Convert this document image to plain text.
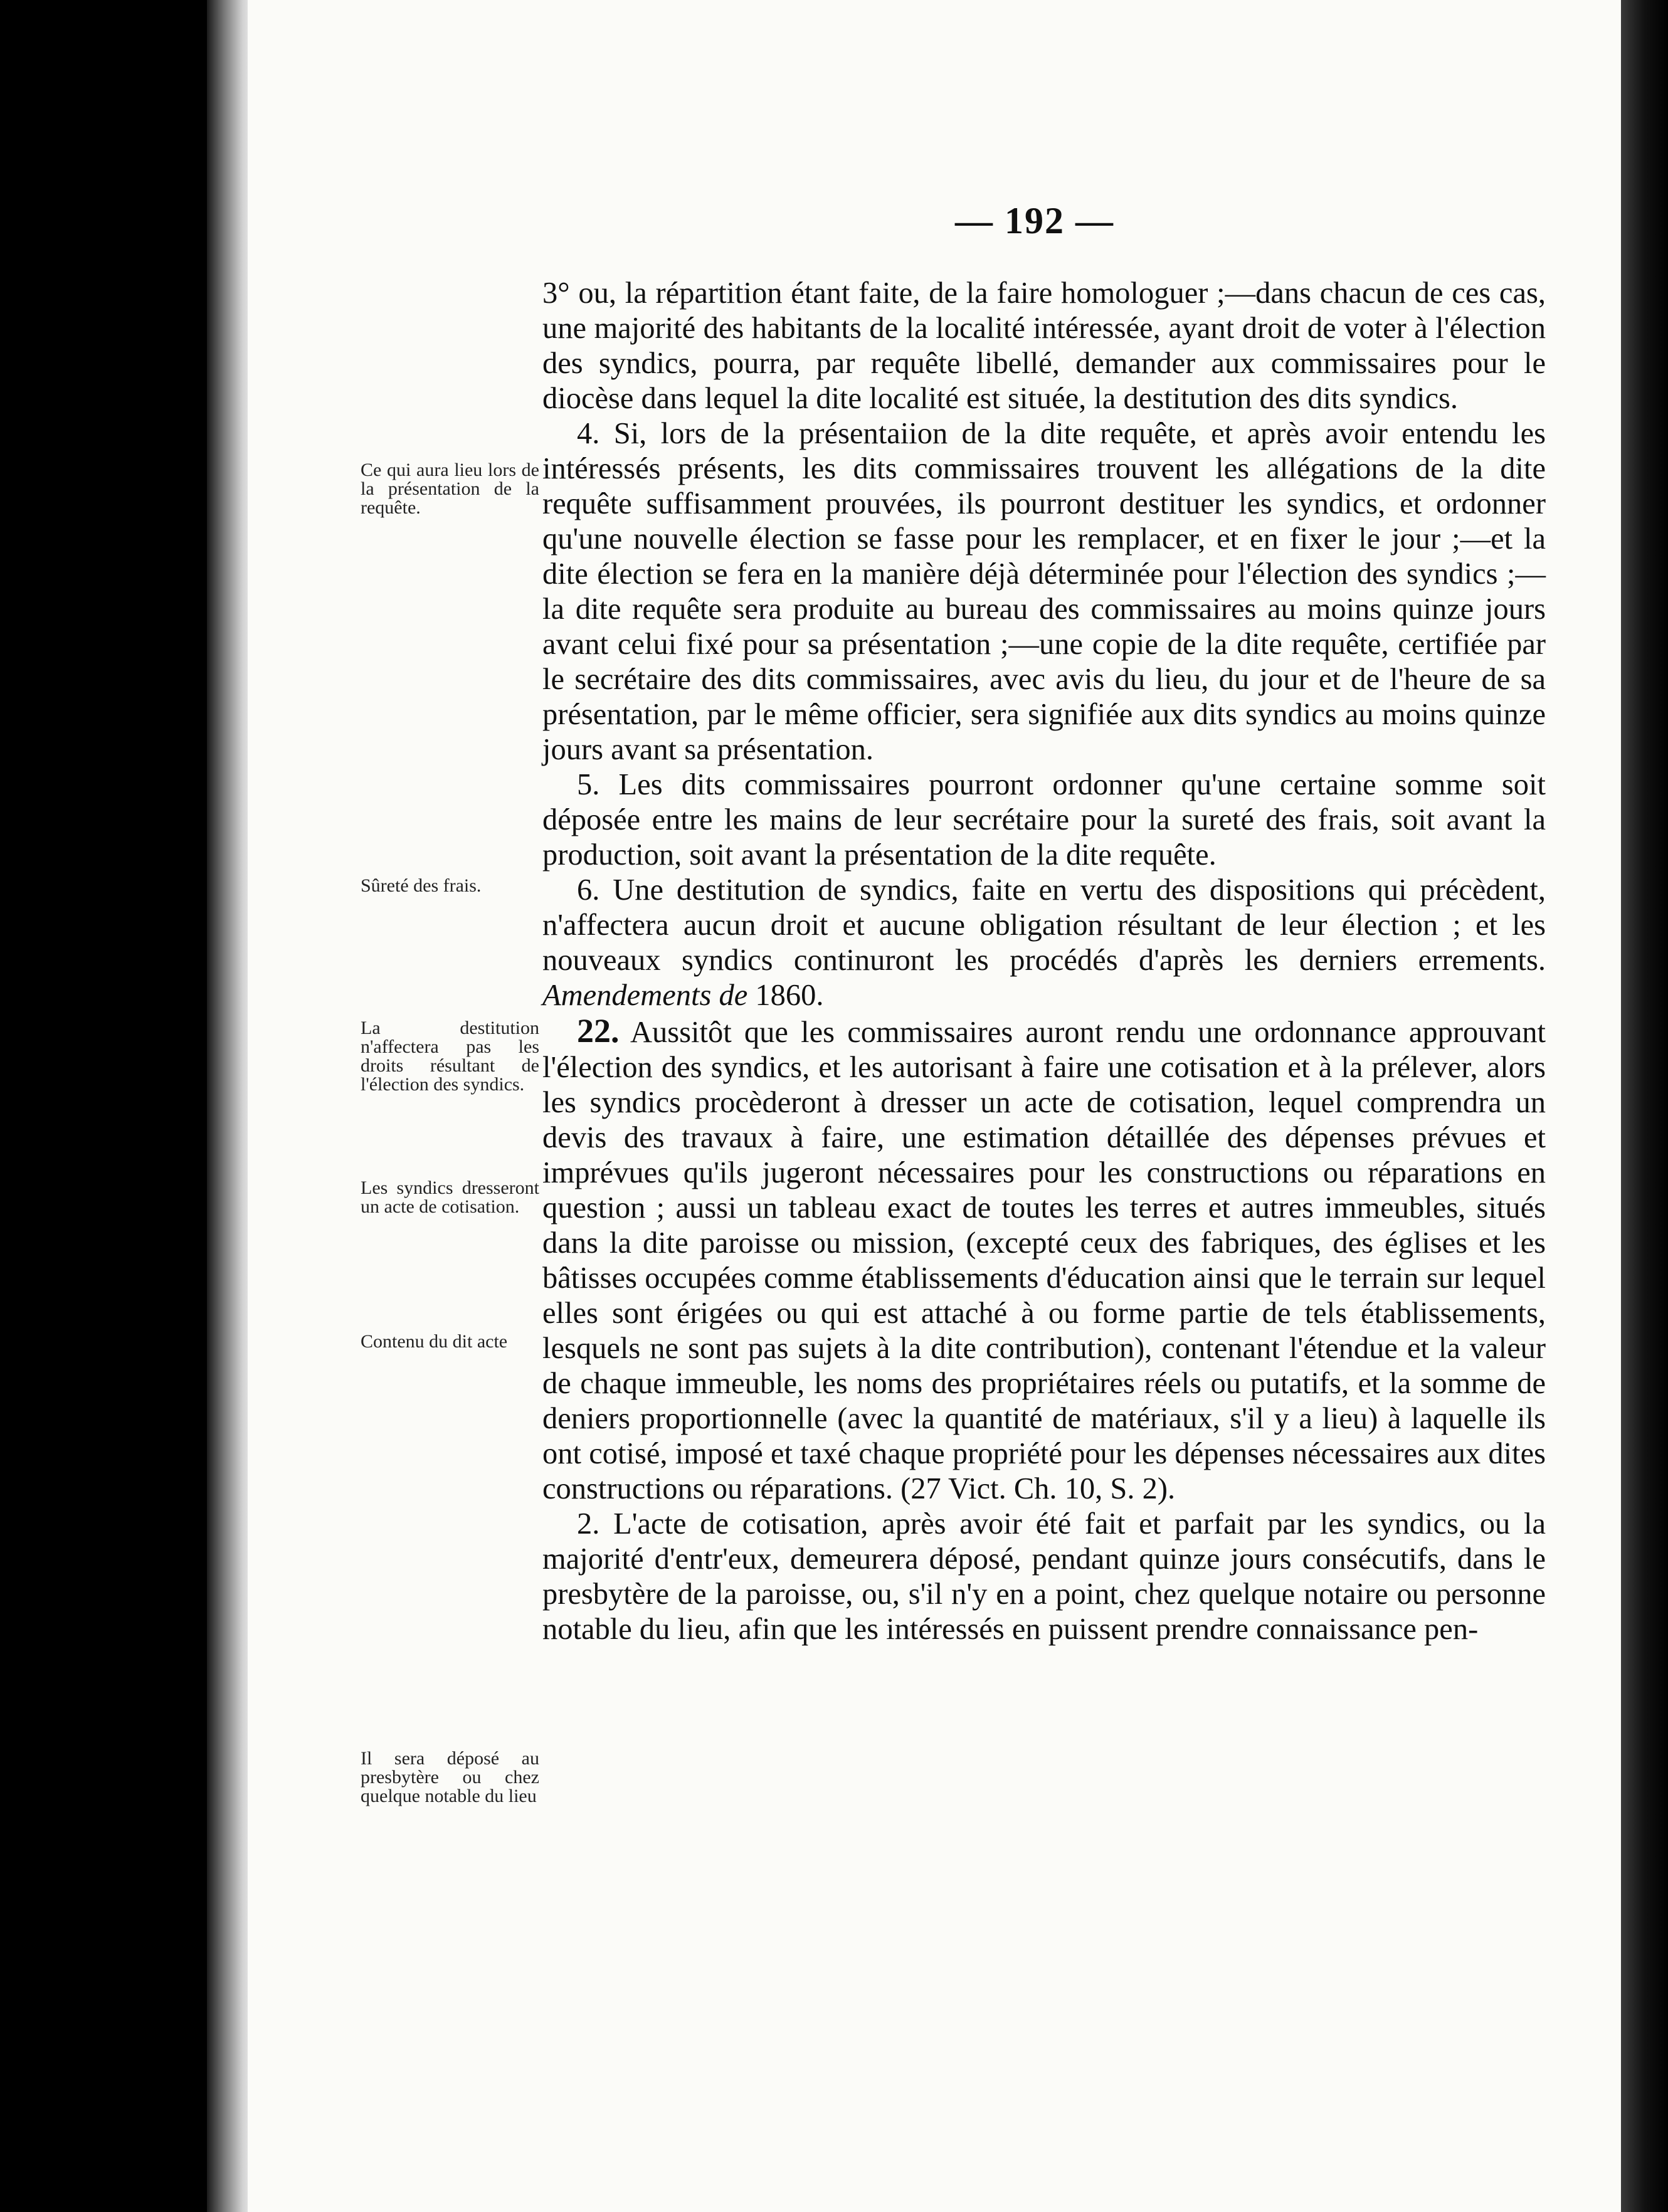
— 192 —

3° ou, la répartition étant faite, de la faire homologuer ;—dans chacun de ces cas, une majorité des habitants de la localité intéressée, ayant droit de voter à l'élection des syndics, pourra, par requête libellé, demander aux commissaires pour le diocèse dans lequel la dite localité est située, la destitution des dits syndics.

4. Si, lors de la présentaiion de la dite requête, et après avoir entendu les intéressés présents, les dits commissaires trouvent les allégations de la dite requête suffisamment prouvées, ils pourront destituer les syndics, et ordonner qu'une nouvelle élection se fasse pour les remplacer, et en fixer le jour ;—et la dite élection se fera en la manière déjà déterminée pour l'élection des syndics ;—la dite requête sera produite au bureau des commissaires au moins quinze jours avant celui fixé pour sa présentation ;—une copie de la dite requête, certifiée par le secrétaire des dits commissaires, avec avis du lieu, du jour et de l'heure de sa présentation, par le même officier, sera signifiée aux dits syndics au moins quinze jours avant sa présentation.

5. Les dits commissaires pourront ordonner qu'une certaine somme soit déposée entre les mains de leur secrétaire pour la sureté des frais, soit avant la production, soit avant la présentation de la dite requête.

6. Une destitution de syndics, faite en vertu des dispositions qui précèdent, n'affectera aucun droit et aucune obligation résultant de leur élection ; et les nouveaux syndics continuront les procédés d'après les derniers errements. Amendements de 1860.

22. Aussitôt que les commissaires auront rendu une ordonnance approuvant l'élection des syndics, et les autorisant à faire une cotisation et à la prélever, alors les syndics procèderont à dresser un acte de cotisation, lequel comprendra un devis des travaux à faire, une estimation détaillée des dépenses prévues et imprévues qu'ils jugeront nécessaires pour les constructions ou réparations en question ; aussi un tableau exact de toutes les terres et autres immeubles, situés dans la dite paroisse ou mission, (excepté ceux des fabriques, des églises et les bâtisses occupées comme établissements d'éducation ainsi que le terrain sur lequel elles sont érigées ou qui est attaché à ou forme partie de tels établissements, lesquels ne sont pas sujets à la dite contribution), contenant l'étendue et la valeur de chaque immeuble, les noms des propriétaires réels ou putatifs, et la somme de deniers proportionnelle (avec la quantité de matériaux, s'il y a lieu) à laquelle ils ont cotisé, imposé et taxé chaque propriété pour les dépenses nécessaires aux dites constructions ou réparations. (27 Vict. Ch. 10, S. 2).

2. L'acte de cotisation, après avoir été fait et parfait par les syndics, ou la majorité d'entr'eux, demeurera déposé, pendant quinze jours consécutifs, dans le presbytère de la paroisse, ou, s'il n'y en a point, chez quelque notaire ou personne notable du lieu, afin que les intéressés en puissent prendre connaissance pen-

Ce qui aura lieu lors de la présentation de la requête.
Sûreté des frais.
La destitution n'affectera pas les droits résultant de l'élection des syndics.
Les syndics dresseront un acte de cotisation.
Contenu du dit acte
Il sera déposé au presbytère ou chez quelque notable du lieu
